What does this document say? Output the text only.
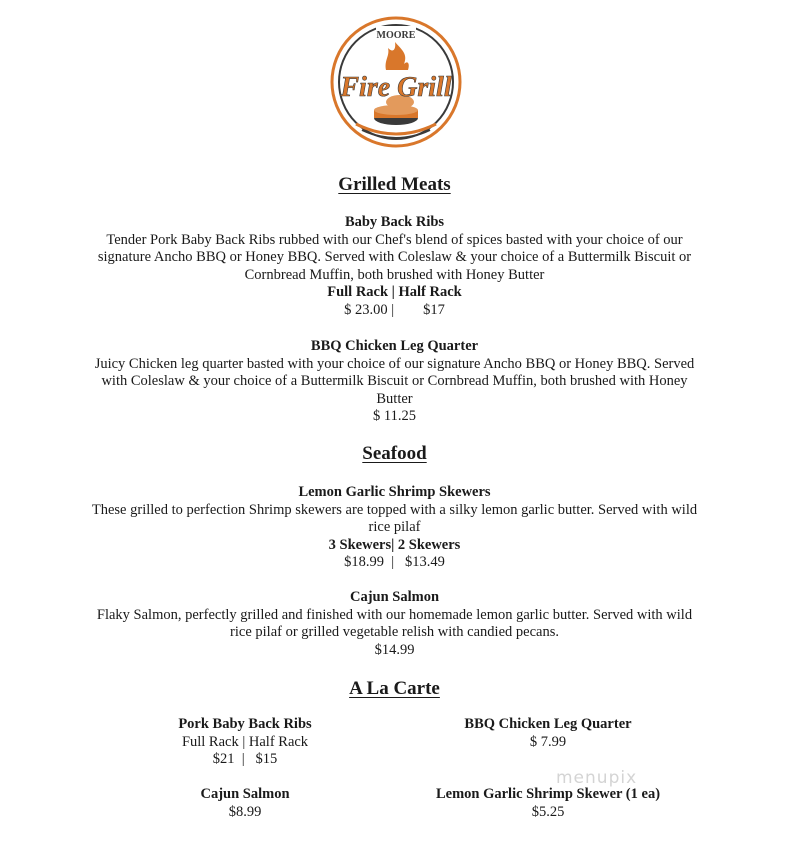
MOORE
Fire Grill
Grilled Meats
Baby Back Ribs
Tender Pork Baby Back Ribs rubbed with our Chef's blend of spices basted with your choice of our signature Ancho BBQ or Honey BBQ. Served with Coleslaw & your choice of a Buttermilk Biscuit or Cornbread Muffin, both brushed with Honey Butter
Full Rack | Half Rack
$ 23.00 |        $17
BBQ Chicken Leg Quarter
Juicy Chicken leg quarter basted with your choice of our signature Ancho BBQ or Honey BBQ. Served with Coleslaw & your choice of a Buttermilk Biscuit or Cornbread Muffin, both brushed with Honey Butter
$ 11.25
Seafood
Lemon Garlic Shrimp Skewers
These grilled to perfection Shrimp skewers are topped with a silky lemon garlic butter. Served with wild rice pilaf
3 Skewers| 2 Skewers
$18.99  |   $13.49
Cajun Salmon
Flaky Salmon, perfectly grilled and finished with our homemade lemon garlic butter. Served with wild rice pilaf or grilled vegetable relish with candied pecans.
$14.99
A La Carte
Pork Baby Back Ribs
Full Rack | Half Rack
$21  |   $15
BBQ Chicken Leg Quarter
$ 7.99
Cajun Salmon
$8.99
Lemon Garlic Shrimp Skewer (1 ea)
$5.25
menupix
